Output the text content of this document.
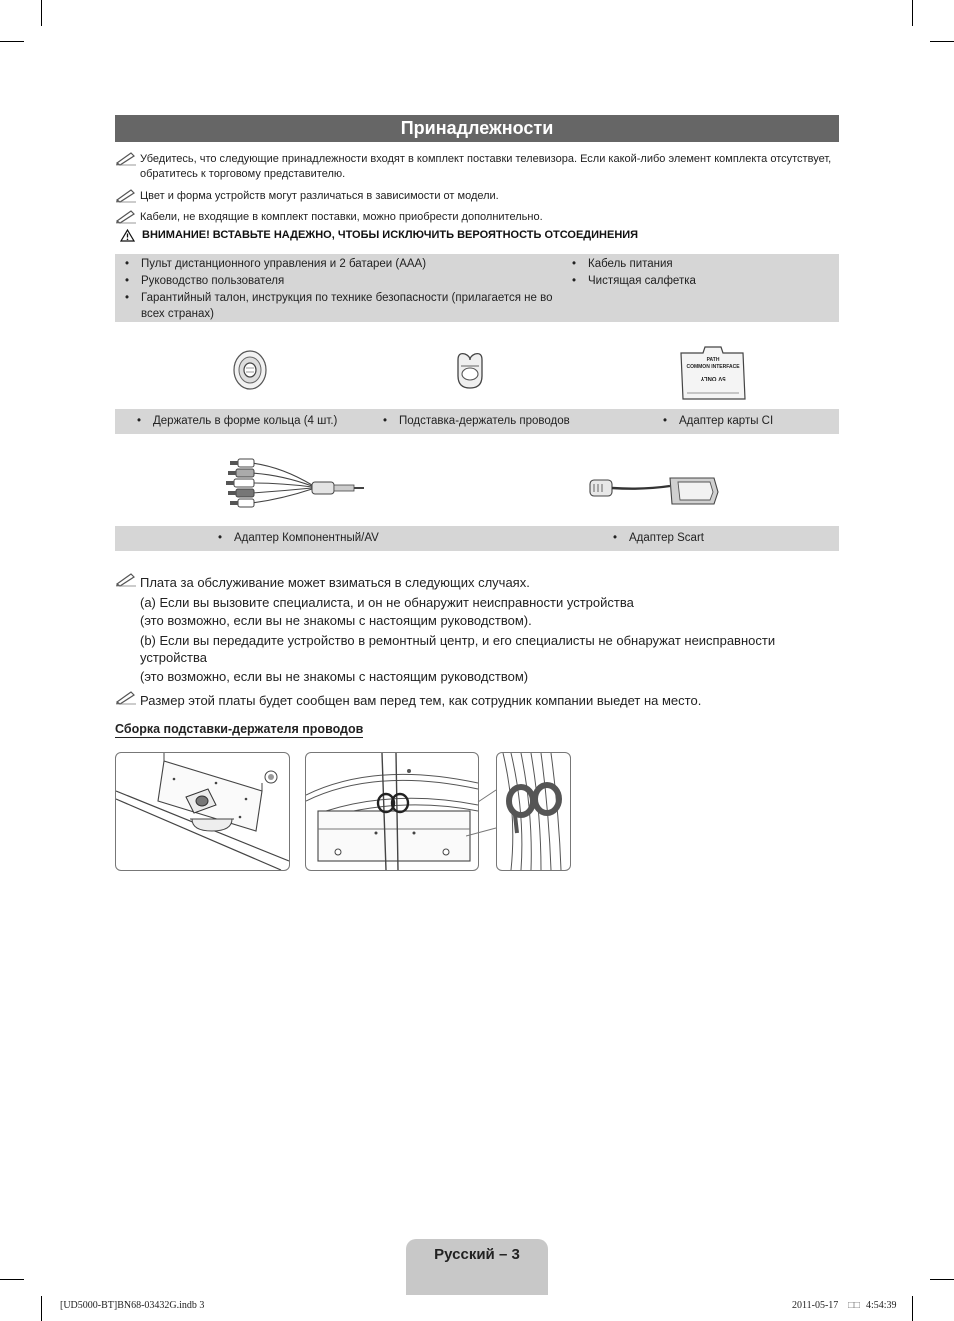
Принадлежности
Убедитесь, что следующие принадлежности входят в комплект поставки телевизора. Если какой-либо элемент комплекта отсутствует, обратитесь к торговому представителю.
Цвет и форма устройств могут различаться в зависимости от модели.
Кабели, не входящие в комплект поставки, можно приобрести дополнительно.
ВНИМАНИЕ! ВСТАВЬТЕ НАДЕЖНО, ЧТОБЫ ИСКЛЮЧИТЬ ВЕРОЯТНОСТЬ ОТСОЕДИНЕНИЯ
• Пульт дистанционного управления и 2 батареи (AAA)
• Руководство пользователя
• Гарантийный талон, инструкция по технике безопасности (прилагается не во всех странах)
• Кабель питания
• Чистящая салфетка
PATH
COMMON INTERFACE
5V ONLY
• Держатель в форме кольца (4 шт.)	• Подставка-держатель проводов	• Адаптер карты CI
• Адаптер Компонентный/AV	• Адаптер Scart
Плата за обслуживание может взиматься в следующих случаях.
(a) Если вы вызовите специалиста, и он не обнаружит неисправности устройства
(это возможно, если вы не знакомы с настоящим руководством).
(b) Если вы передадите устройство в ремонтный центр, и его специалисты не обнаружат неисправности
устройства
(это возможно, если вы не знакомы с настоящим руководством)
Размер этой платы будет сообщен вам перед тем, как сотрудник компании выедет на место.
Сборка подставки-держателя проводов
Русский – 3
[UD5000-BT]BN68-03432G.indb 3	2011-05-17 □□ 4:54:39
